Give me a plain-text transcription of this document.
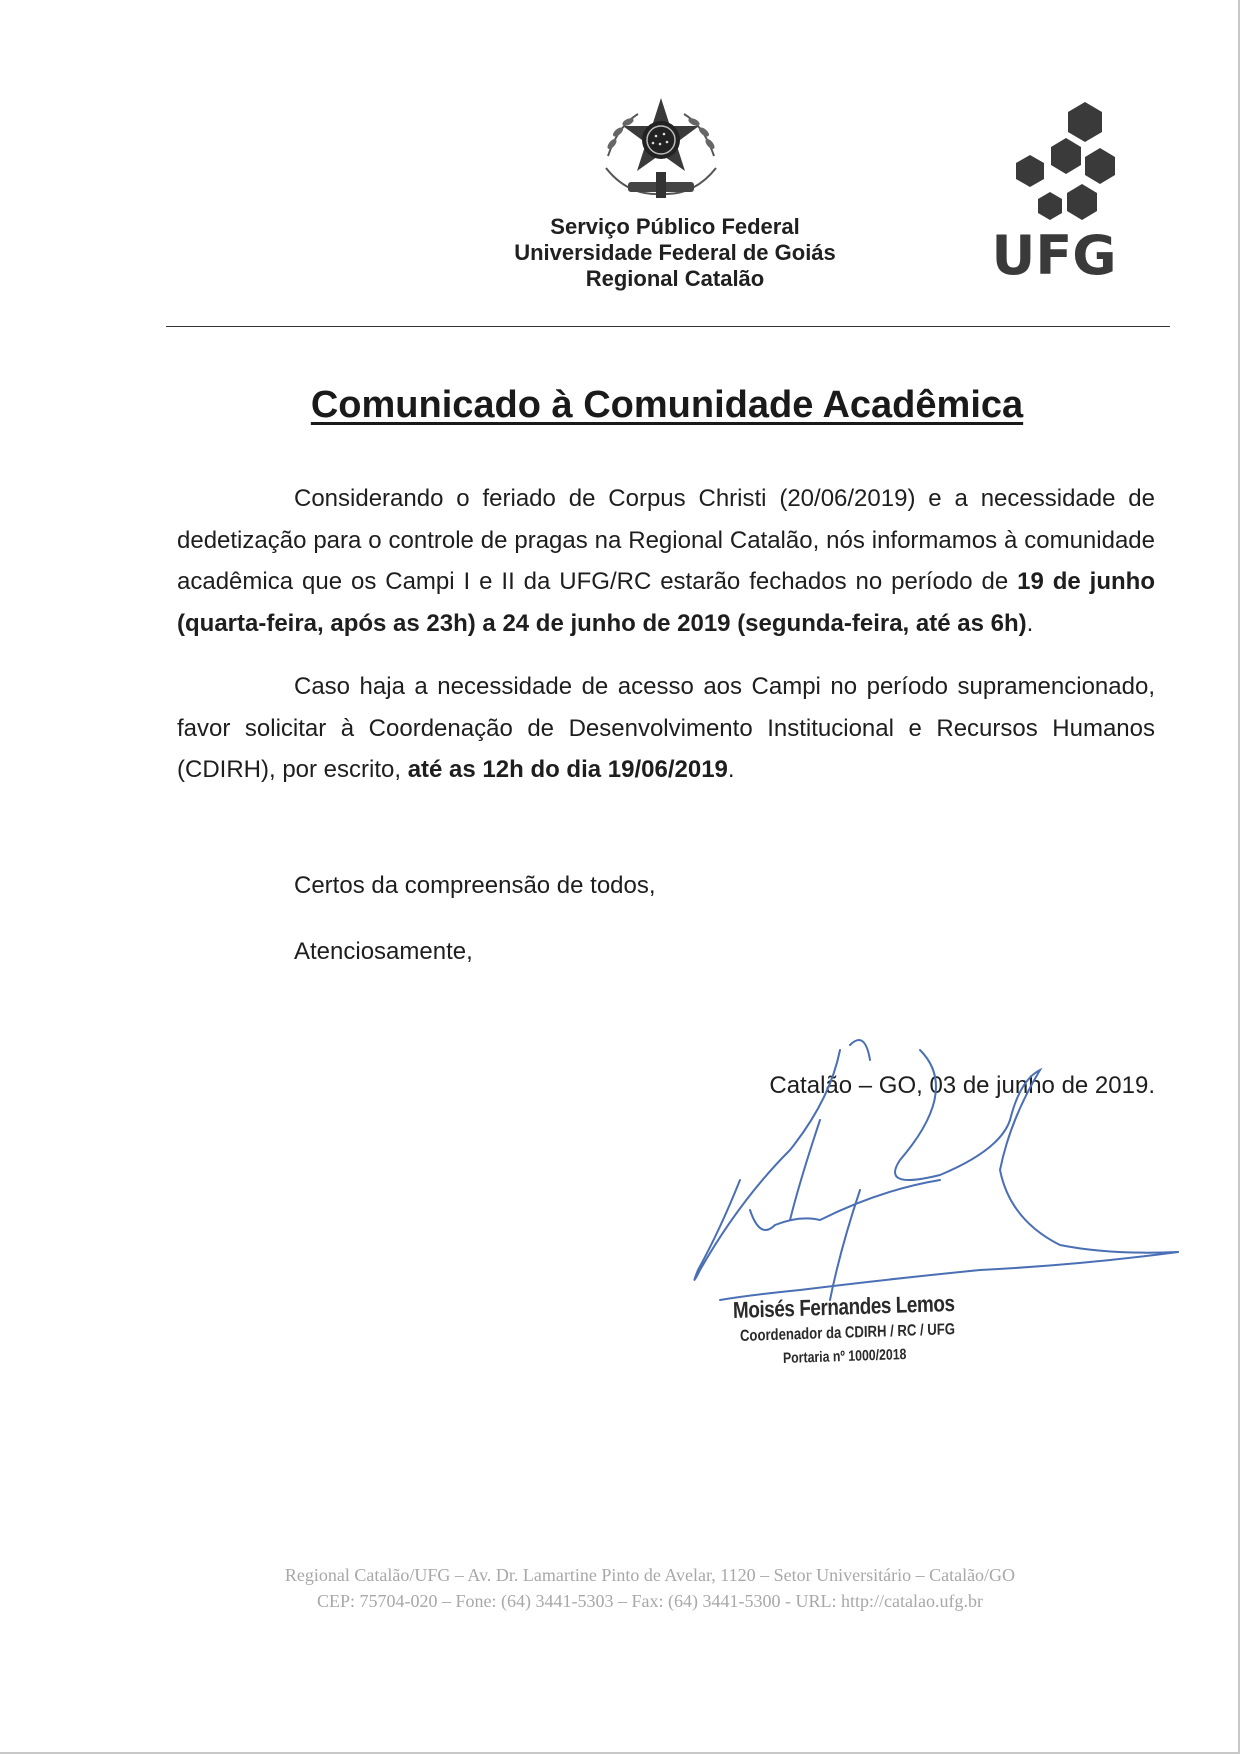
Serviço Público Federal
Universidade Federal de Goiás
Regional Catalão	UFG
Comunicado à Comunidade Acadêmica

Considerando o feriado de Corpus Christi (20/06/2019) e a necessidade de dedetização para o controle de pragas na Regional Catalão, nós informamos à comunidade acadêmica que os Campi I e II da UFG/RC estarão fechados no período de 19 de junho (quarta-feira, após as 23h) a 24 de junho de 2019 (segunda-feira, até as 6h).

Caso haja a necessidade de acesso aos Campi no período supramencionado, favor solicitar à Coordenação de Desenvolvimento Institucional e Recursos Humanos (CDIRH), por escrito, até as 12h do dia 19/06/2019.

Certos da compreensão de todos,
Atenciosamente,
Catalão – GO, 03 de junho de 2019.
Moisés Fernandes Lemos
Coordenador da CDIRH / RC / UFG
Portaria nº 1000/2018
Regional Catalão/UFG – Av. Dr. Lamartine Pinto de Avelar, 1120 – Setor Universitário – Catalão/GO
CEP: 75704-020 – Fone: (64) 3441-5303 – Fax: (64) 3441-5300 - URL: http://catalao.ufg.br
